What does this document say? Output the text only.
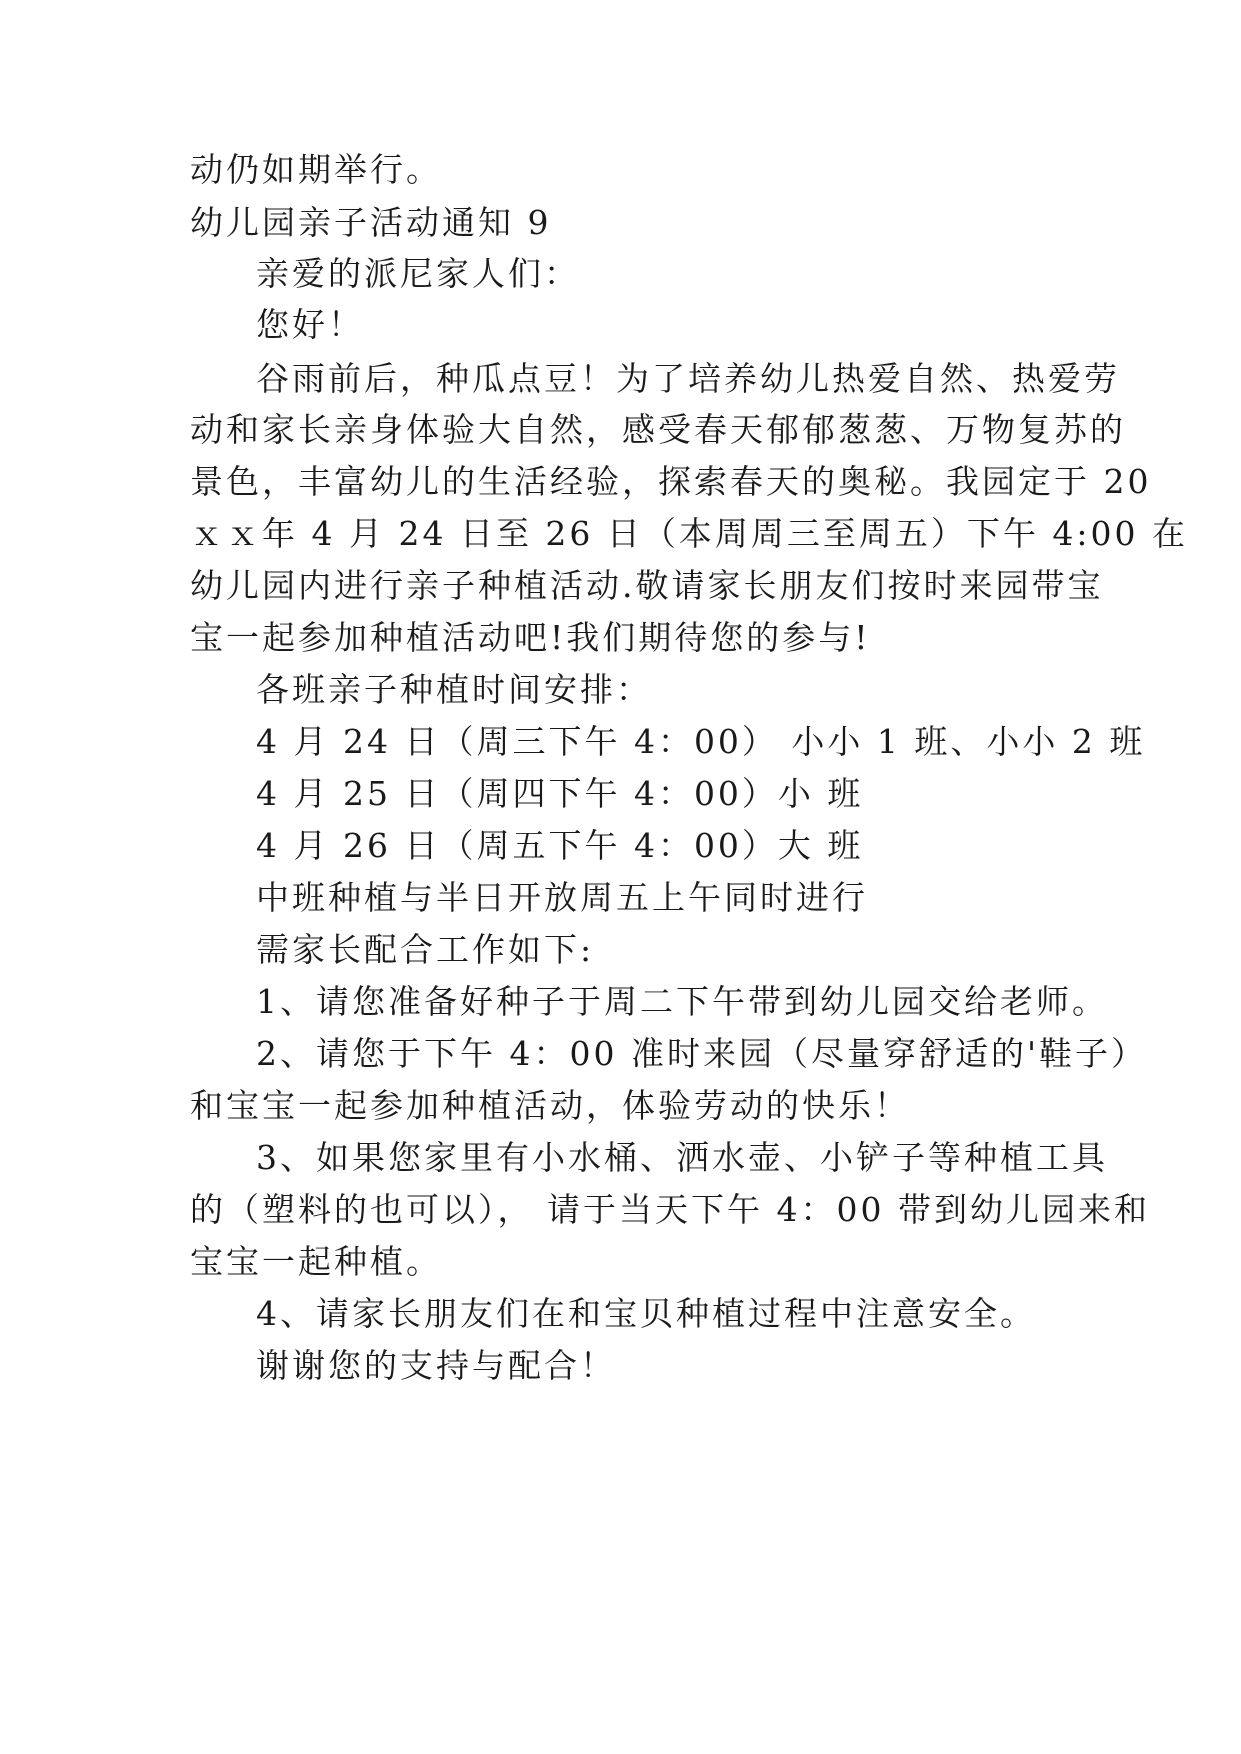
动仍如期举行。
幼儿园亲子活动通知 9
亲爱的派尼家人们：
您好！
谷雨前后，种瓜点豆！为了培养幼儿热爱自然、热爱劳
动和家长亲身体验大自然，感受春天郁郁葱葱、万物复苏的
景色，丰富幼儿的生活经验，探索春天的奥秘。我园定于 20
ｘｘ年 4 月 24 日至 26 日（本周周三至周五）下午 4:00 在
幼儿园内进行亲子种植活动.敬请家长朋友们按时来园带宝
宝一起参加种植活动吧!我们期待您的参与!
各班亲子种植时间安排：
4 月 24 日（周三下午 4：00） 小小 1 班、小小 2 班
4 月 25 日（周四下午 4：00）小 班
4 月 26 日（周五下午 4：00）大 班
中班种植与半日开放周五上午同时进行
需家长配合工作如下:
1、请您准备好种子于周二下午带到幼儿园交给老师。
2、请您于下午 4：00 准时来园（尽量穿舒适的'鞋子）
和宝宝一起参加种植活动，体验劳动的快乐！
3、如果您家里有小水桶、洒水壶、小铲子等种植工具
的（塑料的也可以）， 请于当天下午 4：00 带到幼儿园来和
宝宝一起种植。
4、请家长朋友们在和宝贝种植过程中注意安全。
谢谢您的支持与配合！
